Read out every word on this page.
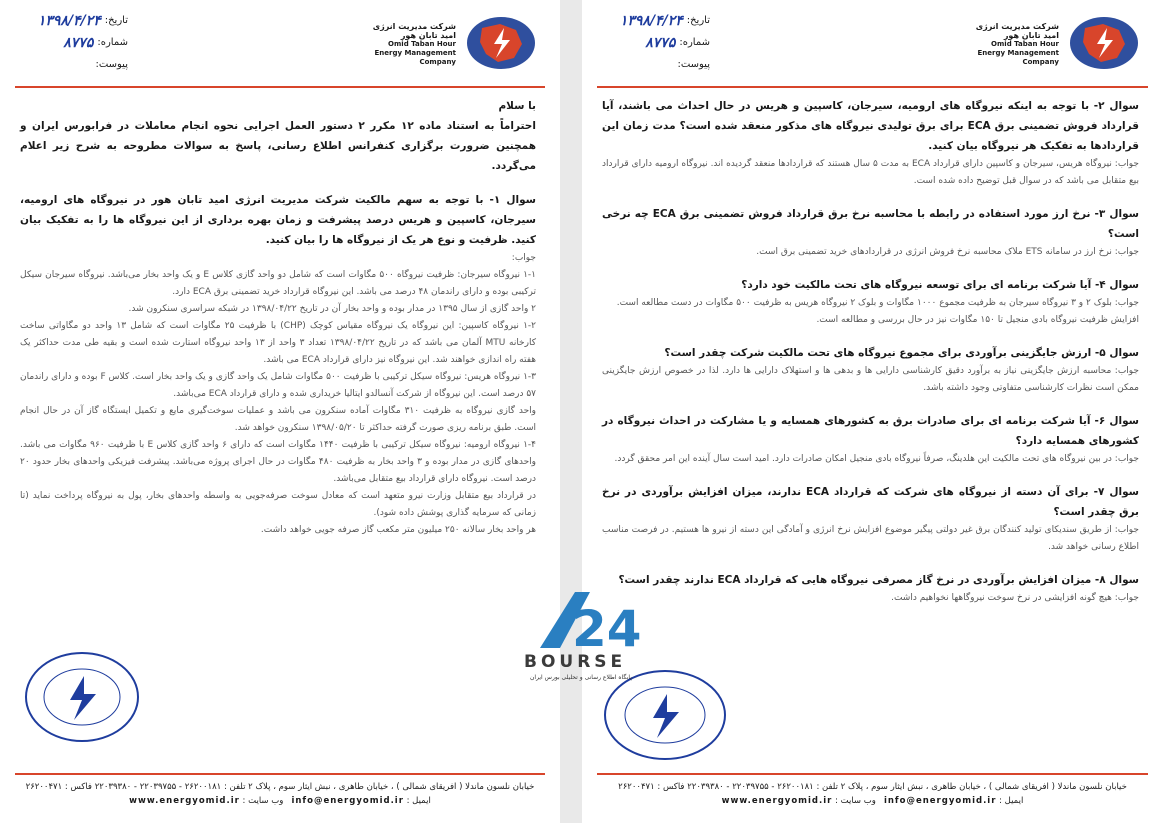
تاریخ:
۱۳۹۸/۴/۲۴
شماره:
۸۷۷۵
پیوست:
شرکت مدیریت انرژی
امید تابان هور
Omid Taban Hour
Energy Management
Company

با سلام

احتراماً به استناد ماده ۱۲ مکرر ۲ دستور العمل اجرایی نحوه انجام معاملات در فرابورس ایران و همچنین ضرورت برگزاری کنفرانس اطلاع رسانی، پاسخ به سوالات مطروحه به شرح زیر اعلام می‌گردد.

سوال ۱- با توجه به سهم مالکیت شرکت مدیریت انرژی امید تابان هور در نیروگاه های ارومیه، سیرجان، کاسپین و هریس درصد پیشرفت و زمان بهره برداری از این نیروگاه ها را به تفکیک بیان کنید. ظرفیت و نوع هر یک از نیروگاه ها را بیان کنید.

جواب:

۱-۱ نیروگاه سیرجان: ظرفیت نیروگاه ۵۰۰ مگاوات است که شامل دو واحد گازی کلاس E و یک واحد بخار می‌باشد. نیروگاه سیرجان سیکل ترکیبی بوده و دارای راندمان ۴۸ درصد می باشد. این نیروگاه قرارداد خرید تضمینی برق ECA دارد.

۲ واحد گازی از سال ۱۳۹۵ در مدار بوده و واحد بخار آن در تاریخ ۱۳۹۸/۰۴/۲۲ در شبکه سراسری سنکرون شد.

۱-۲ نیروگاه کاسپین: این نیروگاه یک نیروگاه مقیاس کوچک (CHP) با ظرفیت ۲۵ مگاوات است که شامل ۱۳ واحد دو مگاواتی ساخت کارخانه MTU آلمان می باشد که در تاریخ ۱۳۹۸/۰۴/۲۲ تعداد ۳ واحد از ۱۳ واحد نیروگاه استارت شده است و بقیه طی مدت حداکثر یک هفته راه اندازی خواهند شد. این نیروگاه نیز دارای قرارداد ECA می باشد.

۱-۳ نیروگاه هریس: نیروگاه سیکل ترکیبی با ظرفیت ۵۰۰ مگاوات شامل یک واحد گازی و یک واحد بخار است. کلاس F بوده و دارای راندمان ۵۷ درصد است. این نیروگاه از شرکت آنسالدو ایتالیا خریداری شده و دارای قرارداد ECA می‌باشد.

واحد گازی نیروگاه به ظرفیت ۳۱۰ مگاوات آماده سنکرون می باشد و عملیات سوخت‌گیری مایع و تکمیل ایستگاه گاز آن در حال انجام است. طبق برنامه ریزی صورت گرفته حداکثر تا ۱۳۹۸/۰۵/۲۰ سنکرون خواهد شد.

۱-۴ نیروگاه ارومیه: نیروگاه سیکل ترکیبی با ظرفیت ۱۴۴۰ مگاوات است که دارای ۶ واحد گازی کلاس E با ظرفیت ۹۶۰ مگاوات می باشد. واحدهای گازی در مدار بوده و ۳ واحد بخار به ظرفیت ۴۸۰ مگاوات در حال اجرای پروژه می‌باشد. پیشرفت فیزیکی واحدهای بخار حدود ۲۰ درصد است. نیروگاه دارای قرارداد بیع متقابل می‌باشد.

در قرارداد بیع متقابل وزارت نیرو متعهد است که معادل سوخت صرفه‌جویی به واسطه واحدهای بخار، پول به نیروگاه پرداخت نماید (تا زمانی که سرمایه گذاری پوشش داده شود).

هر واحد بخار سالانه ۲۵۰ میلیون متر مکعب گاز صرفه جویی خواهد داشت.

خیابان نلسون ماندلا ( افریقای شمالی ) ، خیابان طاهری ، نبش ایثار سوم ، پلاک ۲ تلفن : ۲۶۲۰۰۱۸۱ - ۲۲۰۳۹۷۵۵ - ۲۲۰۳۹۳۸۰ فاکس : ۲۶۲۰۰۴۷۱
ایمیل : info@energyomid.ir   وب سایت : www.energyomid.ir
تاریخ:
۱۳۹۸/۴/۲۴
شماره:
۸۷۷۵
پیوست:
شرکت مدیریت انرژی
امید تابان هور
Omid Taban Hour
Energy Management
Company

سوال ۲- با توجه به اینکه نیروگاه های ارومیه، سیرجان، کاسپین و هریس در حال احداث می باشند، آیا قرارداد فروش تضمینی برق ECA برای برق تولیدی نیروگاه های مذکور منعقد شده است؟ مدت زمان این قراردادها به تفکیک هر نیروگاه بیان کنید.

جواب: نیروگاه هریس، سیرجان و کاسپین دارای قرارداد ECA به مدت ۵ سال هستند که قراردادها منعقد گردیده اند. نیروگاه ارومیه دارای قرارداد بیع متقابل می باشد که در سوال قبل توضیح داده شده است.

سوال ۳- نرخ ارز مورد استفاده در رابطه با محاسبه نرخ برق قرارداد فروش تضمینی برق ECA چه نرخی است؟

جواب: نرخ ارز در سامانه ETS ملاک محاسبه نرخ فروش انرژی در قراردادهای خرید تضمینی برق است.

سوال ۴- آیا شرکت برنامه ای برای توسعه نیروگاه های تحت مالکیت خود دارد؟

جواب: بلوک ۲ و ۳ نیروگاه سیرجان به ظرفیت مجموع ۱۰۰۰ مگاوات و بلوک ۲ نیروگاه هریس به ظرفیت ۵۰۰ مگاوات در دست مطالعه است.

افزایش ظرفیت نیروگاه بادی منجیل تا ۱۵۰ مگاوات نیز در حال بررسی و مطالعه است.

سوال ۵- ارزش جایگزینی برآوردی برای مجموع نیروگاه های تحت مالکیت شرکت چقدر است؟

جواب: محاسبه ارزش جایگزینی نیاز به برآورد دقیق کارشناسی دارایی ها و بدهی ها و استهلاک دارایی ها دارد. لذا در خصوص ارزش جایگزینی ممکن است نظرات کارشناسی متفاوتی وجود داشته باشد.

سوال ۶- آیا شرکت برنامه ای برای صادرات برق به کشورهای همسایه و یا مشارکت در احداث نیروگاه در کشورهای همسایه دارد؟

جواب: در بین نیروگاه های تحت مالکیت این هلدینگ، صرفاً نیروگاه بادی منجیل امکان صادرات دارد. امید است سال آینده این امر محقق گردد.

سوال ۷- برای آن دسته از نیروگاه های شرکت که قرارداد ECA ندارند، میزان افزایش برآوردی در نرخ برق چقدر است؟

جواب: از طریق سندیکای تولید کنندگان برق غیر دولتی پیگیر موضوع افزایش نرخ انرژی و آمادگی این دسته از نیرو ها هستیم. در فرصت مناسب اطلاع رسانی خواهد شد.

سوال ۸- میزان افزایش برآوردی در نرخ گاز مصرفی نیروگاه هایی که قرارداد ECA ندارند چقدر است؟

جواب: هیچ گونه افزایشی در نرخ سوخت نیروگاهها نخواهیم داشت.

خیابان نلسون ماندلا ( افریقای شمالی ) ، خیابان طاهری ، نبش ایثار سوم ، پلاک ۲ تلفن : ۲۶۲۰۰۱۸۱ - ۲۲۰۳۹۷۵۵ - ۲۲۰۳۹۳۸۰ فاکس : ۲۶۲۰۰۴۷۱
ایمیل : info@energyomid.ir   وب سایت : www.energyomid.ir
24
BOURSE
پایگاه اطلاع رسانی و تحلیلی بورس ایران
